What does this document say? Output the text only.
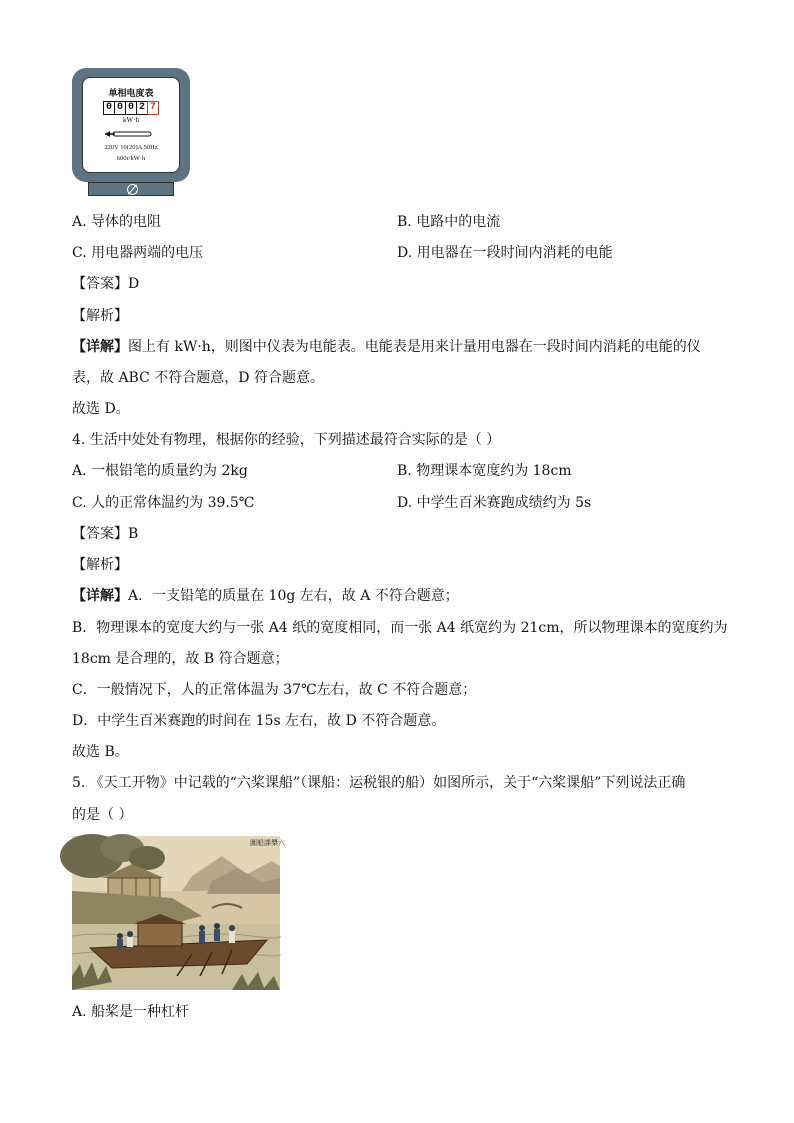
单相电度表
0 0 0 2 7
kW·h
220V 10(20)A 50Hz
600r/kW·h
A. 导体的电阻	B. 电路中的电流
C. 用电器两端的电压	D. 用电器在一段时间内消耗的电能
【答案】D
【解析】
【详解】图上有 kW·h，则图中仪表为电能表。电能表是用来计量用电器在一段时间内消耗的电能的仪
表，故 ABC 不符合题意，D 符合题意。
故选 D。
4. 生活中处处有物理，根据你的经验，下列描述最符合实际的是（ ）
A. 一根铅笔的质量约为 2kg	B. 物理课本宽度约为 18cm
C. 人的正常体温约为 39.5℃	D. 中学生百米赛跑成绩约为 5s
【答案】B
【解析】
【详解】A．一支铅笔的质量在 10g 左右，故 A 不符合题意；
B．物理课本的宽度大约与一张 A4 纸的宽度相同，而一张 A4 纸宽约为 21cm，所以物理课本的宽度约为
18cm 是合理的，故 B 符合题意；
C．一般情况下，人的正常体温为 37℃左右，故 C 不符合题意；
D．中学生百米赛跑的时间在 15s 左右，故 D 不符合题意。
故选 B。
5. 《天工开物》中记载的“六桨课船”（课船：运税银的船）如图所示，关于“六桨课船”下列说法正确
的是（ ）
圖船課槳六
A. 船桨是一种杠杆
